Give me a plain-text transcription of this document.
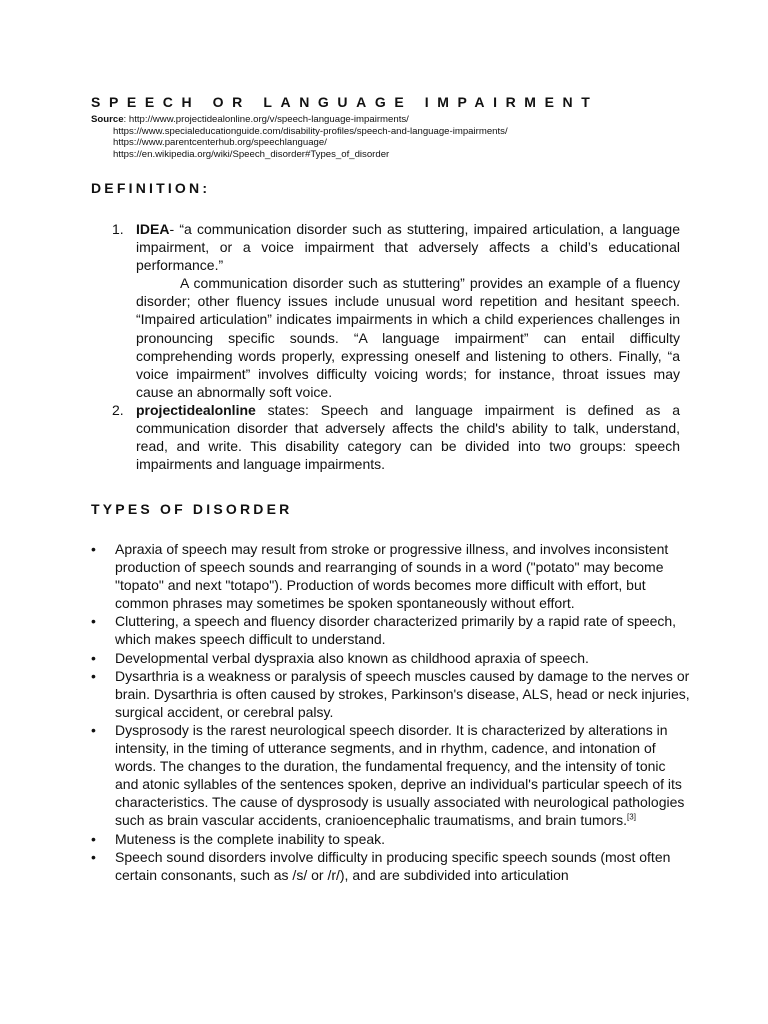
SPEECH OR LANGUAGE IMPAIRMENT
Source: http://www.projectidealonline.org/v/speech-language-impairments/
https://www.specialeducationguide.com/disability-profiles/speech-and-language-impairments/
https://www.parentcenterhub.org/speechlanguage/
https://en.wikipedia.org/wiki/Speech_disorder#Types_of_disorder
DEFINITION:
1. IDEA- “a communication disorder such as stuttering, impaired articulation, a language impairment, or a voice impairment that adversely affects a child’s educational performance.”

A communication disorder such as stuttering” provides an example of a fluency disorder; other fluency issues include unusual word repetition and hesitant speech. “Impaired articulation” indicates impairments in which a child experiences challenges in pronouncing specific sounds. “A language impairment” can entail difficulty comprehending words properly, expressing oneself and listening to others. Finally, “a voice impairment” involves difficulty voicing words; for instance, throat issues may cause an abnormally soft voice.

2. projectidealonline states: Speech and language impairment is defined as a communication disorder that adversely affects the child's ability to talk, understand, read, and write. This disability category can be divided into two groups: speech impairments and language impairments.

TYPES OF DISORDER
• Apraxia of speech may result from stroke or progressive illness, and involves inconsistent production of speech sounds and rearranging of sounds in a word ("potato" may become "topato" and next "totapo"). Production of words becomes more difficult with effort, but common phrases may sometimes be spoken spontaneously without effort.
• Cluttering, a speech and fluency disorder characterized primarily by a rapid rate of speech, which makes speech difficult to understand.
• Developmental verbal dyspraxia also known as childhood apraxia of speech.
• Dysarthria is a weakness or paralysis of speech muscles caused by damage to the nerves or brain. Dysarthria is often caused by strokes, Parkinson's disease, ALS, head or neck injuries, surgical accident, or cerebral palsy.
• Dysprosody is the rarest neurological speech disorder. It is characterized by alterations in intensity, in the timing of utterance segments, and in rhythm, cadence, and intonation of words. The changes to the duration, the fundamental frequency, and the intensity of tonic and atonic syllables of the sentences spoken, deprive an individual's particular speech of its characteristics. The cause of dysprosody is usually associated with neurological pathologies such as brain vascular accidents, cranioencephalic traumatisms, and brain tumors.[3]
• Muteness is the complete inability to speak.
• Speech sound disorders involve difficulty in producing specific speech sounds (most often certain consonants, such as /s/ or /r/), and are subdivided into articulation
